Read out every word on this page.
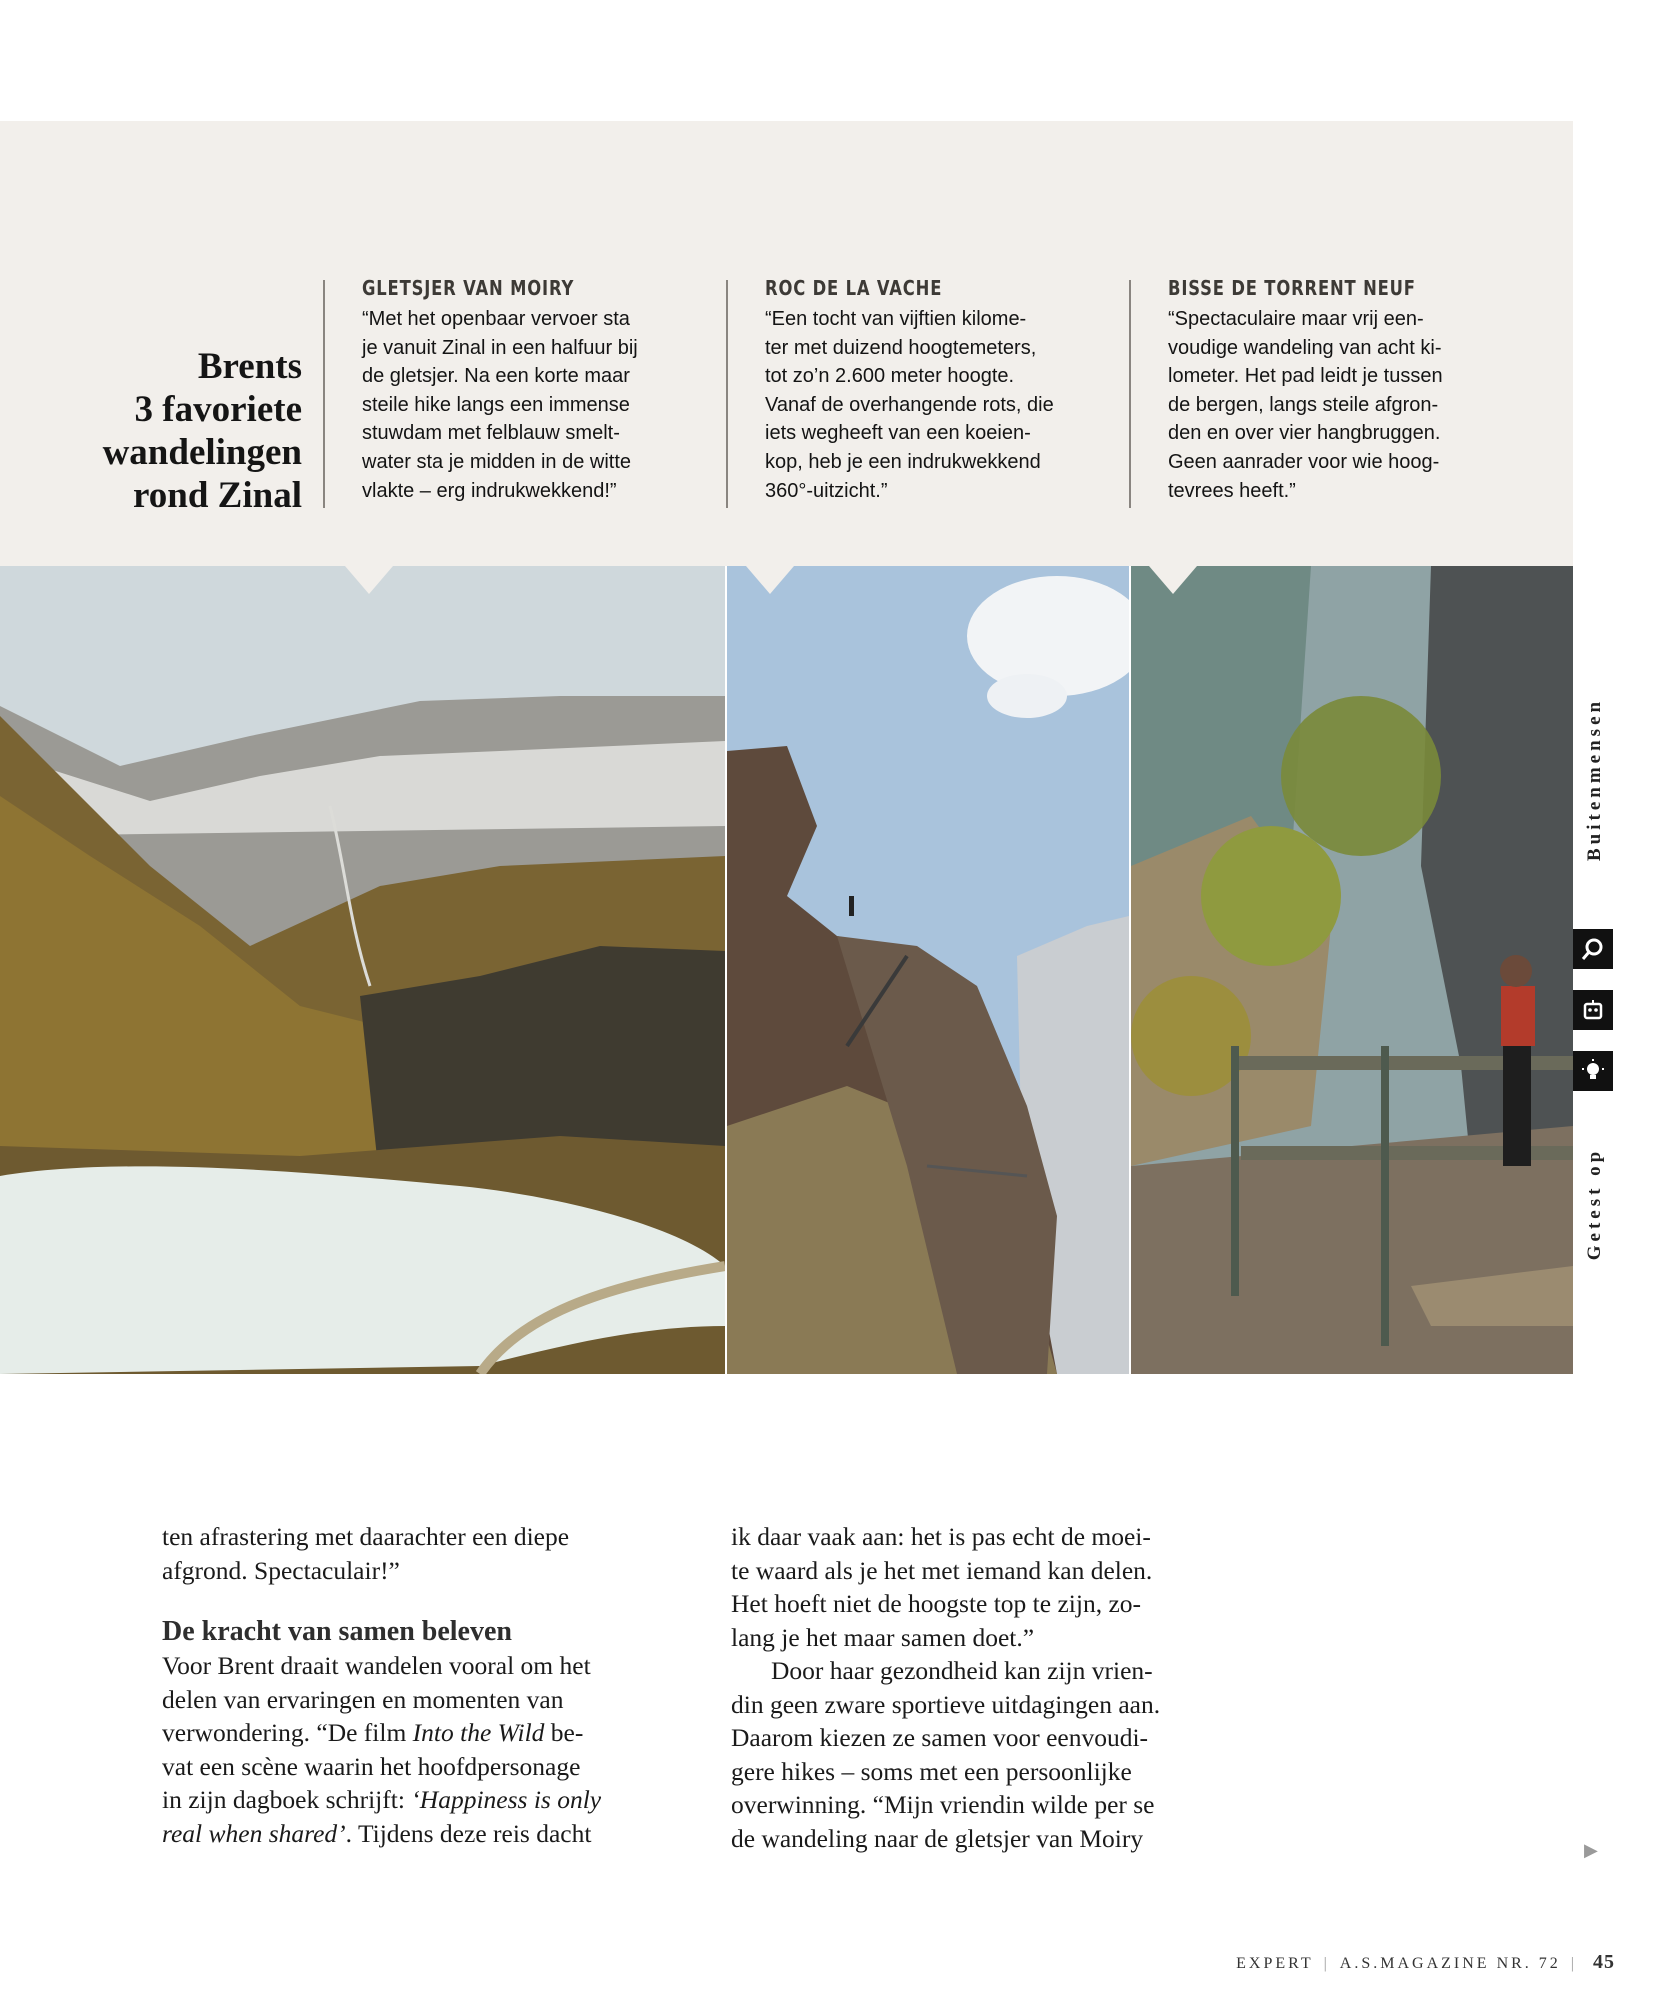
Brents
3 favoriete
wandelingen
rond Zinal
GLETSJER VAN MOIRY

“Met het openbaar vervoer sta
je vanuit Zinal in een halfuur bij
de gletsjer. Na een korte maar
steile hike langs een immense
stuwdam met felblauw smelt-
water sta je midden in de witte
vlakte – erg indrukwekkend!”

ROC DE LA VACHE

“Een tocht van vijftien kilome-
ter met duizend hoogtemeters,
tot zo’n 2.600 meter hoogte.
Vanaf de overhangende rots, die
iets wegheeft van een koeien-
kop, heb je een indrukwekkend
360°-uitzicht.”

BISSE DE TORRENT NEUF

“Spectaculaire maar vrij een-
voudige wandeling van acht ki-
lometer. Het pad leidt je tussen
de bergen, langs steile afgron-
den en over vier hangbruggen.
Geen aanrader voor wie hoog-
tevrees heeft.”

Buitenmensen
Getest op

ten afrastering met daarachter een diepe
afgrond. Spectaculair!”

De kracht van samen beleven

Voor Brent draait wandelen vooral om het
delen van ervaringen en momenten van
verwondering. “De film Into the Wild be-
vat een scène waarin het hoofdpersonage
in zijn dagboek schrijft: ‘Happiness is only
real when shared’. Tijdens deze reis dacht

ik daar vaak aan: het is pas echt de moei-
te waard als je het met iemand kan delen.
Het hoeft niet de hoogste top te zijn, zo-
lang je het maar samen doet.”

Door haar gezondheid kan zijn vrien-
din geen zware sportieve uitdagingen aan.
Daarom kiezen ze samen voor eenvoudi-
gere hikes – soms met een persoonlijke
overwinning. “Mijn vriendin wilde per se
de wandeling naar de gletsjer van Moiry	▶
EXPERT | A.S.MAGAZINE NR. 72 | 45
